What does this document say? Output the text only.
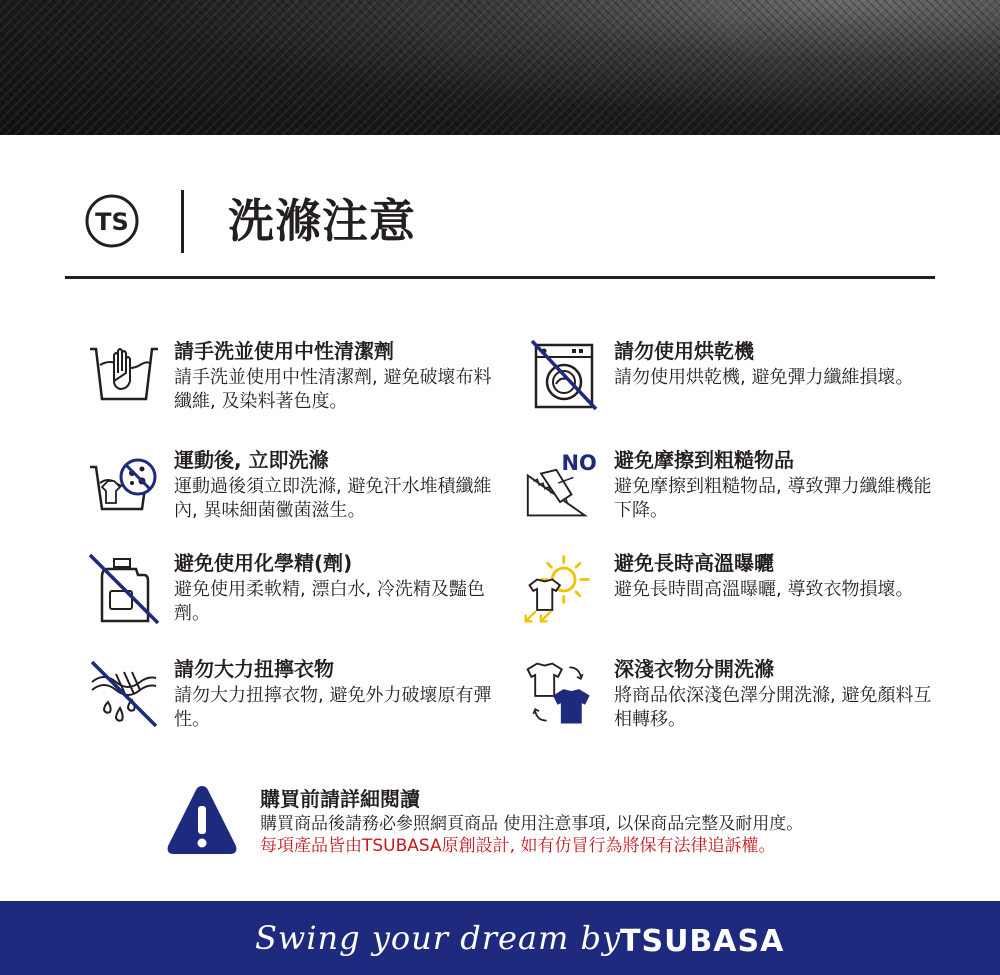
TS 洗滌注意

請手洗並使用中性清潔劑

請手洗並使用中性清潔劑, 避免破壞布料纖維, 及染料著色度。

請勿使用烘乾機

請勿使用烘乾機, 避免彈力纖維損壞。

運動後, 立即洗滌

運動過後須立即洗滌, 避免汗水堆積纖維內, 異味細菌黴菌滋生。

NO 避免摩擦到粗糙物品

避免摩擦到粗糙物品, 導致彈力纖維機能下降。

避免使用化學精(劑)

避免使用柔軟精, 漂白水, 冷洗精及豔色劑。

避免長時高溫曝曬

避免長時間高溫曝曬, 導致衣物損壞。

請勿大力扭擰衣物

請勿大力扭擰衣物, 避免外力破壞原有彈性。

深淺衣物分開洗滌

將商品依深淺色澤分開洗滌, 避免顏料互相轉移。

購買前請詳細閱讀

購買商品後請務必參照網頁商品 使用注意事項, 以保商品完整及耐用度。

每項產品皆由TSUBASA原創設計, 如有仿冒行為將保有法律追訴權。

Swing your dream by
TSUBASA
